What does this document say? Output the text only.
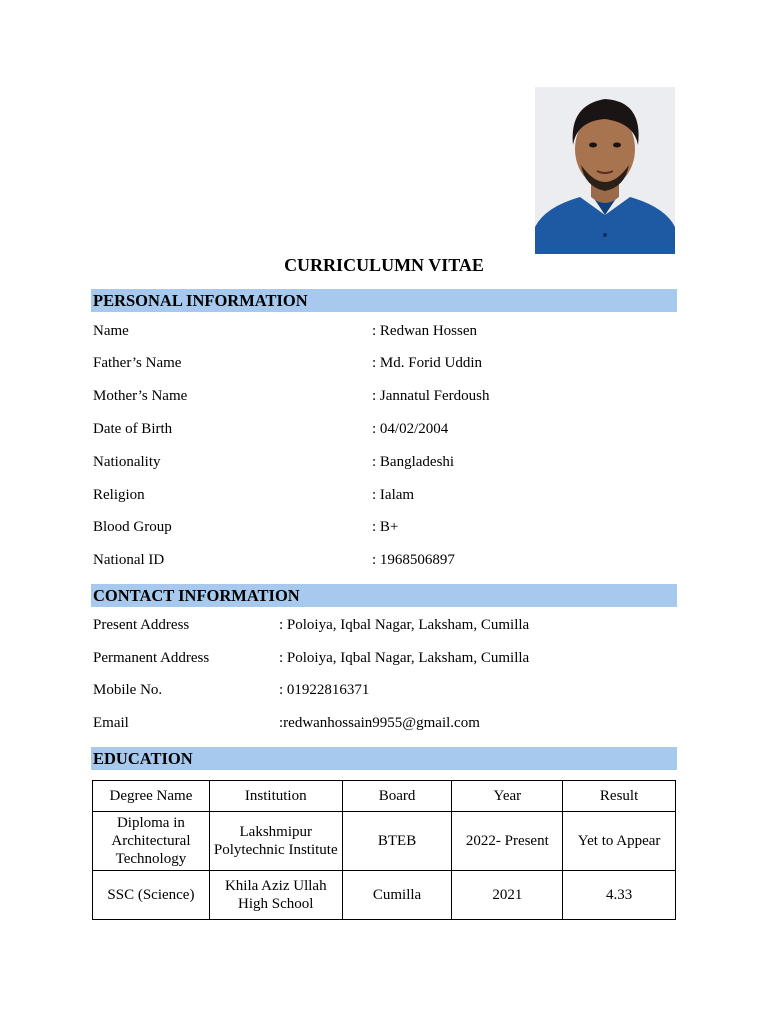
CURRICULUMN VITAE
PERSONAL INFORMATION
Name	: Redwan Hossen
Father’s Name	: Md. Forid Uddin
Mother’s Name	: Jannatul Ferdoush
Date of Birth	: 04/02/2004
Nationality	: Bangladeshi
Religion	: Ialam
Blood Group	: B+
National ID	: 1968506897
CONTACT INFORMATION
Present Address	: Poloiya, Iqbal Nagar, Laksham, Cumilla
Permanent Address	: Poloiya, Iqbal Nagar, Laksham, Cumilla
Mobile No.	: 01922816371
Email	:redwanhossain9955@gmail.com
EDUCATION
Degree Name	Institution	Board	Year	Result
Diploma in Architectural Technology	Lakshmipur Polytechnic Institute	BTEB	2022- Present	Yet to Appear
SSC (Science)	Khila Aziz Ullah High School	Cumilla	2021	4.33
